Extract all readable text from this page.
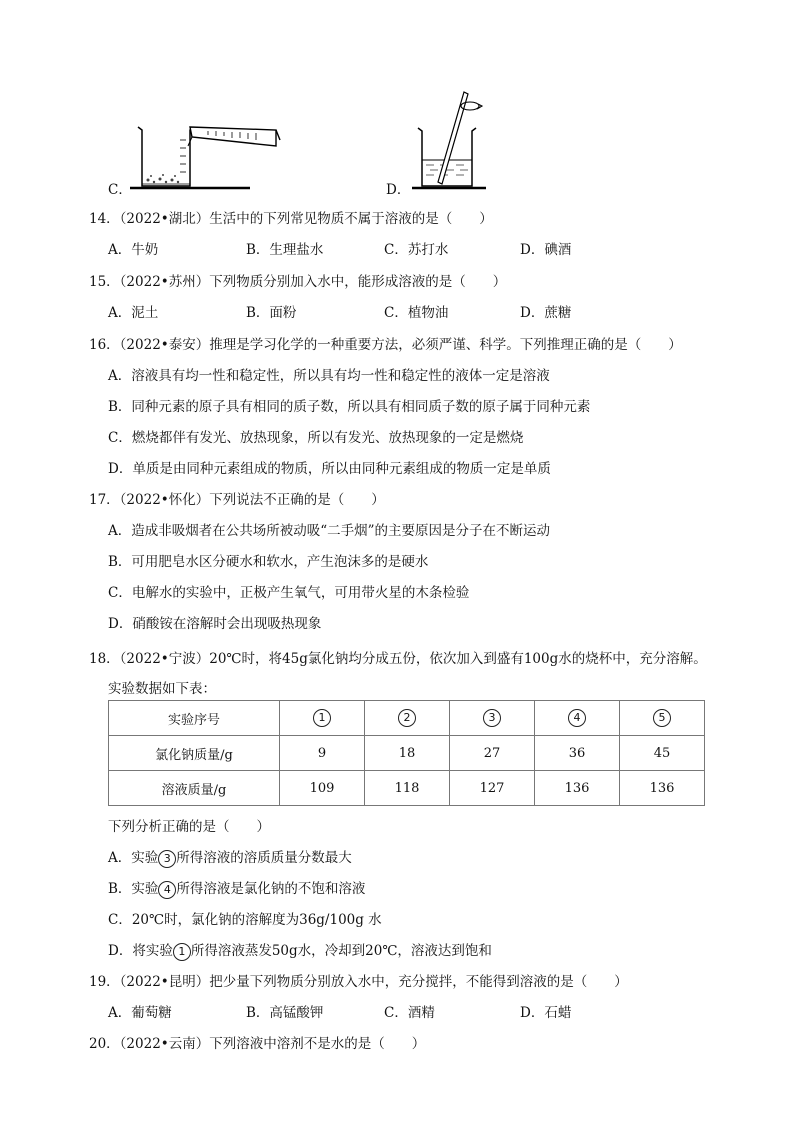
C．	D．
14．（2022•湖北）生活中的下列常见物质不属于溶液的是（　　）
A．牛奶	B．生理盐水	C．苏打水	D．碘酒
15．（2022•苏州）下列物质分别加入水中，能形成溶液的是（　　）
A．泥土	B．面粉	C．植物油	D．蔗糖
16．（2022•泰安）推理是学习化学的一种重要方法，必须严谨、科学。下列推理正确的是（　　）
A．溶液具有均一性和稳定性，所以具有均一性和稳定性的液体一定是溶液
B．同种元素的原子具有相同的质子数，所以具有相同质子数的原子属于同种元素
C．燃烧都伴有发光、放热现象，所以有发光、放热现象的一定是燃烧
D．单质是由同种元素组成的物质，所以由同种元素组成的物质一定是单质
17．（2022•怀化）下列说法不正确的是（　　）
A．造成非吸烟者在公共场所被动吸“二手烟”的主要原因是分子在不断运动
B．可用肥皂水区分硬水和软水，产生泡沫多的是硬水
C．电解水的实验中，正极产生氧气，可用带火星的木条检验
D．硝酸铵在溶解时会出现吸热现象
18．（2022•宁波）20℃时，将45g氯化钠均分成五份，依次加入到盛有100g水的烧杯中，充分溶解。
实验数据如下表：
实验序号	1	2	3	4	5
氯化钠质量/g	9	18	27	36	45
溶液质量/g	109	118	127	136	136
下列分析正确的是（　　）
A．实验 3 所得溶液的溶质质量分数最大
B．实验 4 所得溶液是氯化钠的不饱和溶液
C．20℃时，氯化钠的溶解度为36g/100g 水
D．将实验 1 所得溶液蒸发50g水，冷却到20℃，溶液达到饱和
19．（2022•昆明）把少量下列物质分别放入水中，充分搅拌，不能得到溶液的是（　　）
A．葡萄糖	B．高锰酸钾	C．酒精	D．石蜡
20．（2022•云南）下列溶液中溶剂不是水的是（　　）
